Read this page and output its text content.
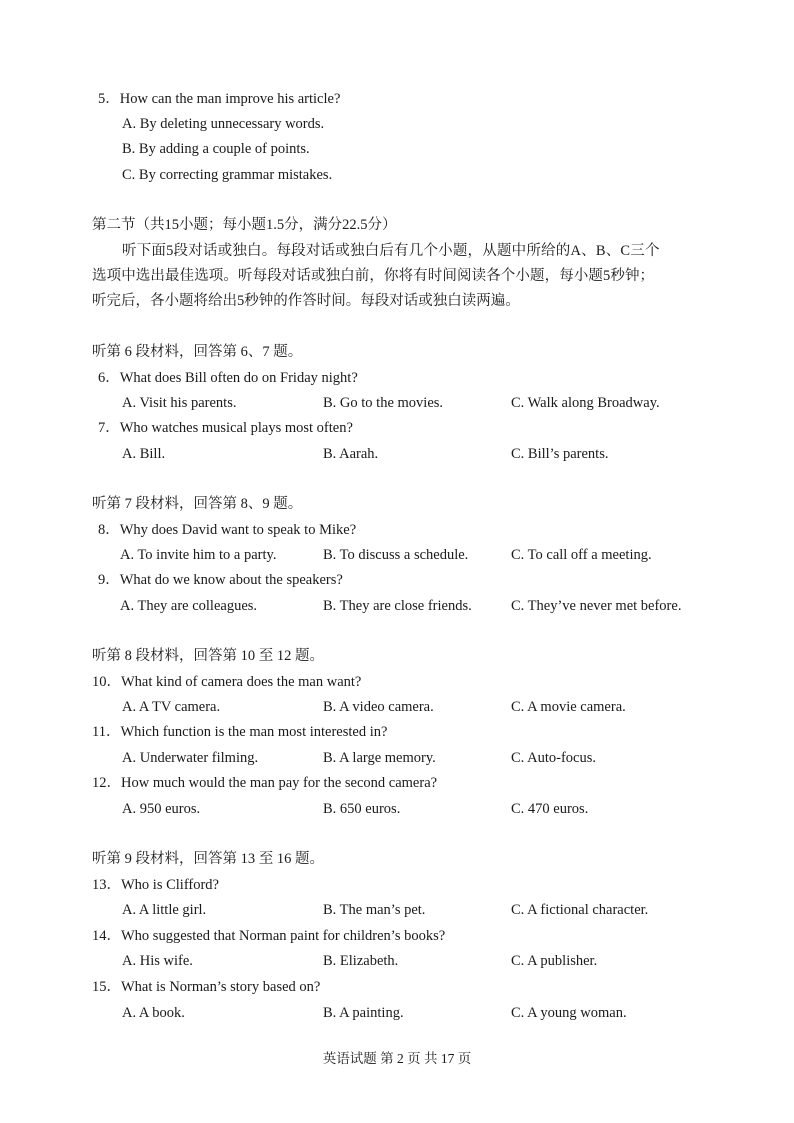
5．How can the man improve his article?
A. By deleting unnecessary words.
B. By adding a couple of points.
C. By correcting grammar mistakes.
第二节（共15小题；每小题1.5分，满分22.5分）
听下面5段对话或独白。每段对话或独白后有几个小题，从题中所给的A、B、C三个
选项中选出最佳选项。听每段对话或独白前，你将有时间阅读各个小题，每小题5秒钟；
听完后，各小题将给出5秒钟的作答时间。每段对话或独白读两遍。
听第 6 段材料，回答第 6、7 题。
6．What does Bill often do on Friday night?
A. Visit his parents.	B. Go to the movies.	C. Walk along Broadway.
7．Who watches musical plays most often?
A. Bill.	B. Aarah.	C. Bill’s parents.
听第 7 段材料，回答第 8、9 题。
8．Why does David want to speak to Mike?
A. To invite him to a party.	B. To discuss a schedule.	C. To call off a meeting.
9．What do we know about the speakers?
A. They are colleagues.	B. They are close friends.	C. They’ve never met before.
听第 8 段材料，回答第 10 至 12 题。
10．What kind of camera does the man want?
A. A TV camera.	B. A video camera.	C. A movie camera.
11．Which function is the man most interested in?
A. Underwater filming.	B. A large memory.	C. Auto-focus.
12．How much would the man pay for the second camera?
A. 950 euros.	B. 650 euros.	C. 470 euros.
听第 9 段材料，回答第 13 至 16 题。
13．Who is Clifford?
A. A little girl.	B. The man’s pet.	C. A fictional character.
14．Who suggested that Norman paint for children’s books?
A. His wife.	B. Elizabeth.	C. A publisher.
15．What is Norman’s story based on?
A. A book.	B. A painting.	C. A young woman.
英语试题 第 2 页 共 17 页
